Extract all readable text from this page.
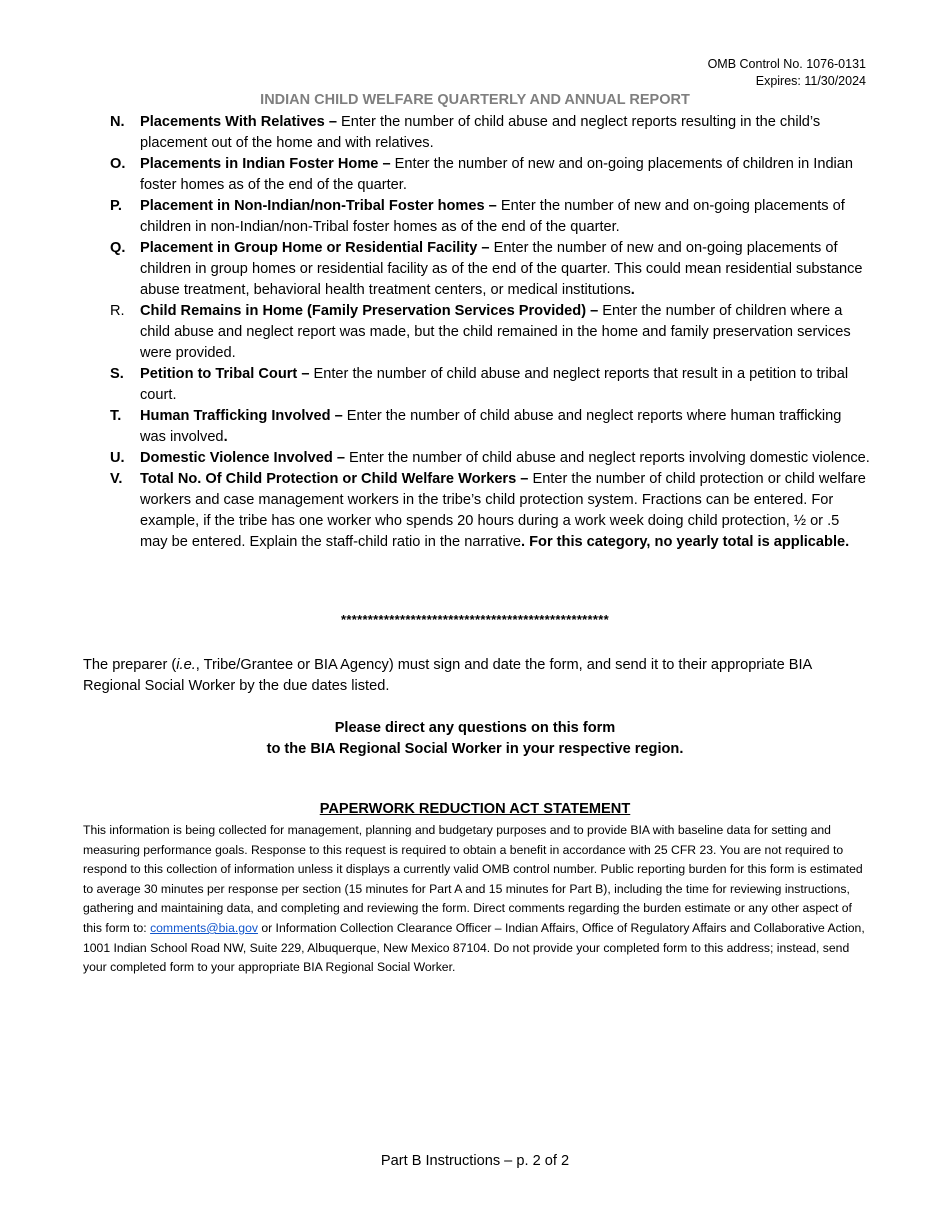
OMB Control No. 1076-0131
Expires: 11/30/2024
INDIAN CHILD WELFARE QUARTERLY AND ANNUAL REPORT
N.	Placements With Relatives – Enter the number of child abuse and neglect reports resulting in the child’s placement out of the home and with relatives.
O. Placements in Indian Foster Home – Enter the number of new and on-going placements of children in Indian foster homes as of the end of the quarter.
P.	Placement in Non-Indian/non-Tribal Foster homes – Enter the number of new and on-going placements of children in non-Indian/non-Tribal foster homes as of the end of the quarter.
Q. Placement in Group Home or Residential Facility – Enter the number of new and on-going placements of children in group homes or residential facility as of the end of the quarter. This could mean residential substance abuse treatment, behavioral health treatment centers, or medical institutions.
R.	Child Remains in Home (Family Preservation Services Provided) – Enter the number of children where a child abuse and neglect report was made, but the child remained in the home and family preservation services were provided.
S.	Petition to Tribal Court – Enter the number of child abuse and neglect reports that result in a petition to tribal court.
T.	Human Trafficking Involved – Enter the number of child abuse and neglect reports where human trafficking was involved.
U.	Domestic Violence Involved – Enter the number of child abuse and neglect reports involving domestic violence.
V.	Total No. Of Child Protection or Child Welfare Workers – Enter the number of child protection or child welfare workers and case management workers in the tribe’s child protection system. Fractions can be entered. For example, if the tribe has one worker who spends 20 hours during a work week doing child protection, ½ or .5 may be entered. Explain the staff-child ratio in the narrative. For this category, no yearly total is applicable.
**************************************************
The preparer (i.e., Tribe/Grantee or BIA Agency) must sign and date the form, and send it to their appropriate BIA Regional Social Worker by the due dates listed.
Please direct any questions on this form
to the BIA Regional Social Worker in your respective region.
PAPERWORK REDUCTION ACT STATEMENT
This information is being collected for management, planning and budgetary purposes and to provide BIA with baseline data for setting and measuring performance goals. Response to this request is required to obtain a benefit in accordance with 25 CFR 23. You are not required to respond to this collection of information unless it displays a currently valid OMB control number. Public reporting burden for this form is estimated to average 30 minutes per response per section (15 minutes for Part A and 15 minutes for Part B), including the time for reviewing instructions, gathering and maintaining data, and completing and reviewing the form. Direct comments regarding the burden estimate or any other aspect of this form to: comments@bia.gov or Information Collection Clearance Officer – Indian Affairs, Office of Regulatory Affairs and Collaborative Action, 1001 Indian School Road NW, Suite 229, Albuquerque, New Mexico 87104. Do not provide your completed form to this address; instead, send your completed form to your appropriate BIA Regional Social Worker.
Part B Instructions – p. 2 of 2
